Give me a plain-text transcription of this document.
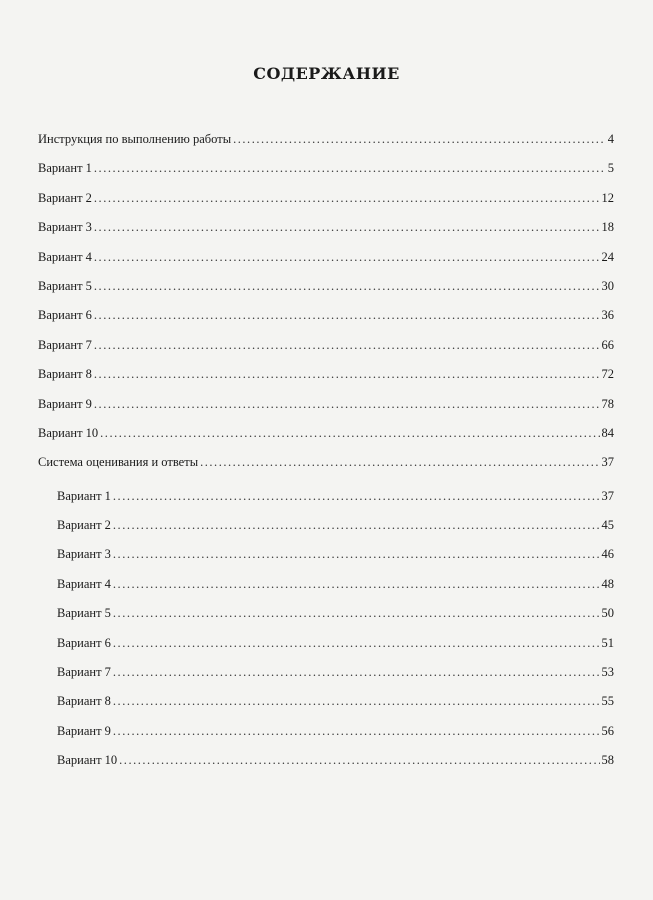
СОДЕРЖАНИЕ
Инструкция по выполнению работы . . .	4
Вариант 1 . . .	5
Вариант 2 . . .	12
Вариант 3 . . .	18
Вариант 4 . . .	24
Вариант 5 . . .	30
Вариант 6 . . .	36
Вариант 7 . . .	66
Вариант 8 . . .	72
Вариант 9 . . .	78
Вариант 10 . . .	84
Система оценивания и ответы . . .	37
Вариант 1 . . .	37
Вариант 2 . . .	45
Вариант 3 . . .	46
Вариант 4 . . .	48
Вариант 5 . . .	50
Вариант 6 . . .	51
Вариант 7 . . .	53
Вариант 8 . . .	55
Вариант 9 . . .	56
Вариант 10 . . .	58
